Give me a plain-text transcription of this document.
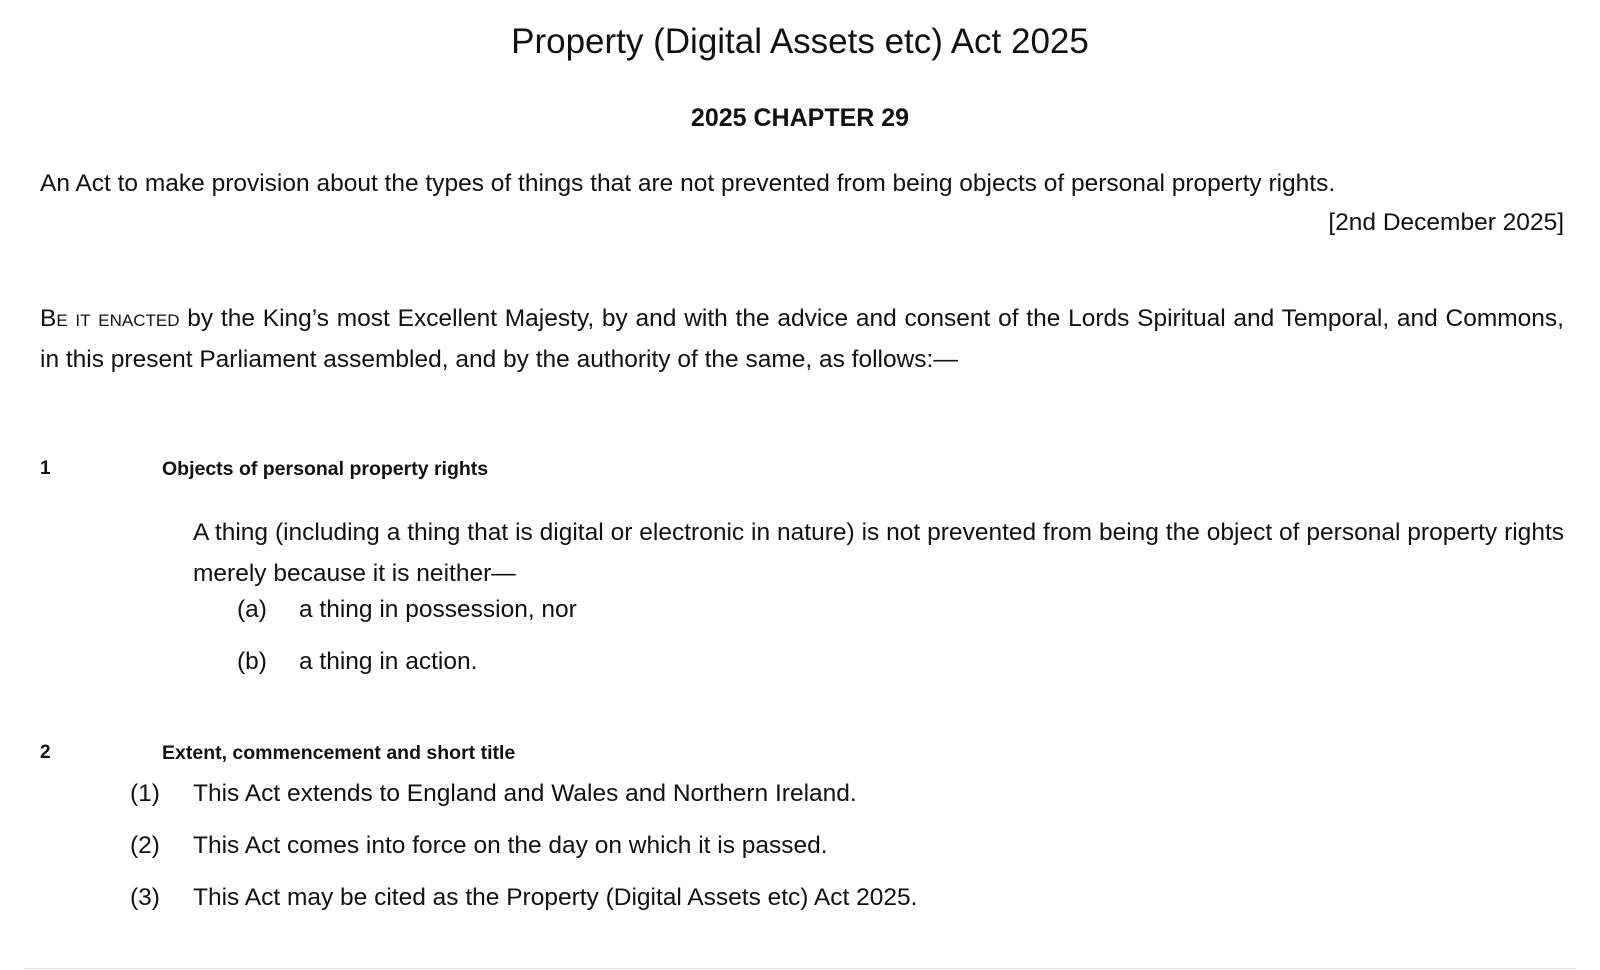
Property (Digital Assets etc) Act 2025
2025 CHAPTER 29

An Act to make provision about the types of things that are not prevented from being objects of personal property rights.

[2nd December 2025]

Be it enacted by the King’s most Excellent Majesty, by and with the advice and consent of the Lords Spiritual and Temporal, and Commons, in this present Parliament assembled, and by the authority of the same, as follows:—

1	Objects of personal property rights

A thing (including a thing that is digital or electronic in nature) is not prevented from being the object of personal property rights merely because it is neither—

(a) a thing in possession, nor
(b) a thing in action.
2	Extent, commencement and short title
(1) This Act extends to England and Wales and Northern Ireland.
(2) This Act comes into force on the day on which it is passed.
(3) This Act may be cited as the Property (Digital Assets etc) Act 2025.
